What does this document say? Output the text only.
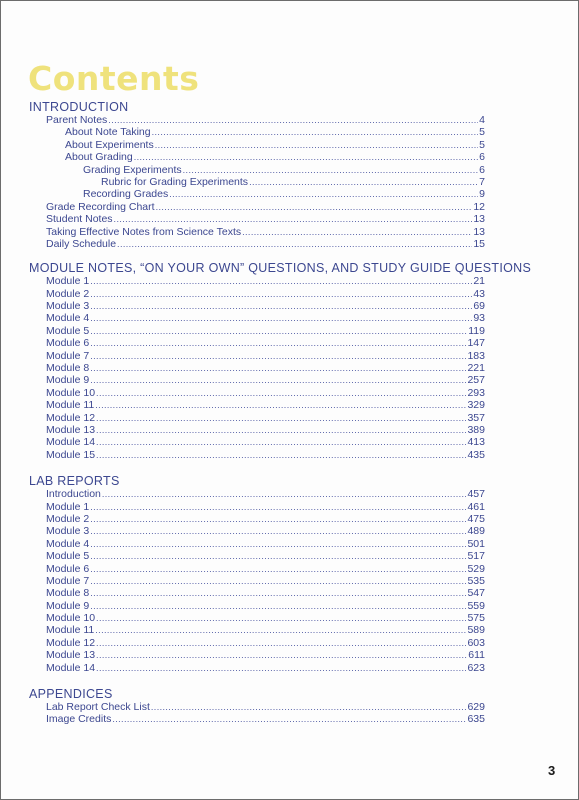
Contents
INTRODUCTION
Parent Notes .....	4
About Note Taking .....	5
About Experiments .....	5
About Grading .....	6
Grading Experiments .....	6
Rubric for Grading Experiments .....	7
Recording Grades .....	9
Grade Recording Chart .....	12
Student Notes .....	13
Taking Effective Notes from Science Texts .....	13
Daily Schedule .....	15
MODULE NOTES, “ON YOUR OWN” QUESTIONS, AND STUDY GUIDE QUESTIONS
Module 1 .....	21
Module 2 .....	43
Module 3 .....	69
Module 4 .....	93
Module 5 .....	119
Module 6 .....	147
Module 7 .....	183
Module 8 .....	221
Module 9 .....	257
Module 10 .....	293
Module 11 .....	329
Module 12 .....	357
Module 13 .....	389
Module 14 .....	413
Module 15 .....	435
LAB REPORTS
Introduction .....	457
Module 1 .....	461
Module 2 .....	475
Module 3 .....	489
Module 4 .....	501
Module 5 .....	517
Module 6 .....	529
Module 7 .....	535
Module 8 .....	547
Module 9 .....	559
Module 10 .....	575
Module 11 .....	589
Module 12 .....	603
Module 13 .....	611
Module 14 .....	623
APPENDICES
Lab Report Check List .....	629
Image Credits .....	635
3
